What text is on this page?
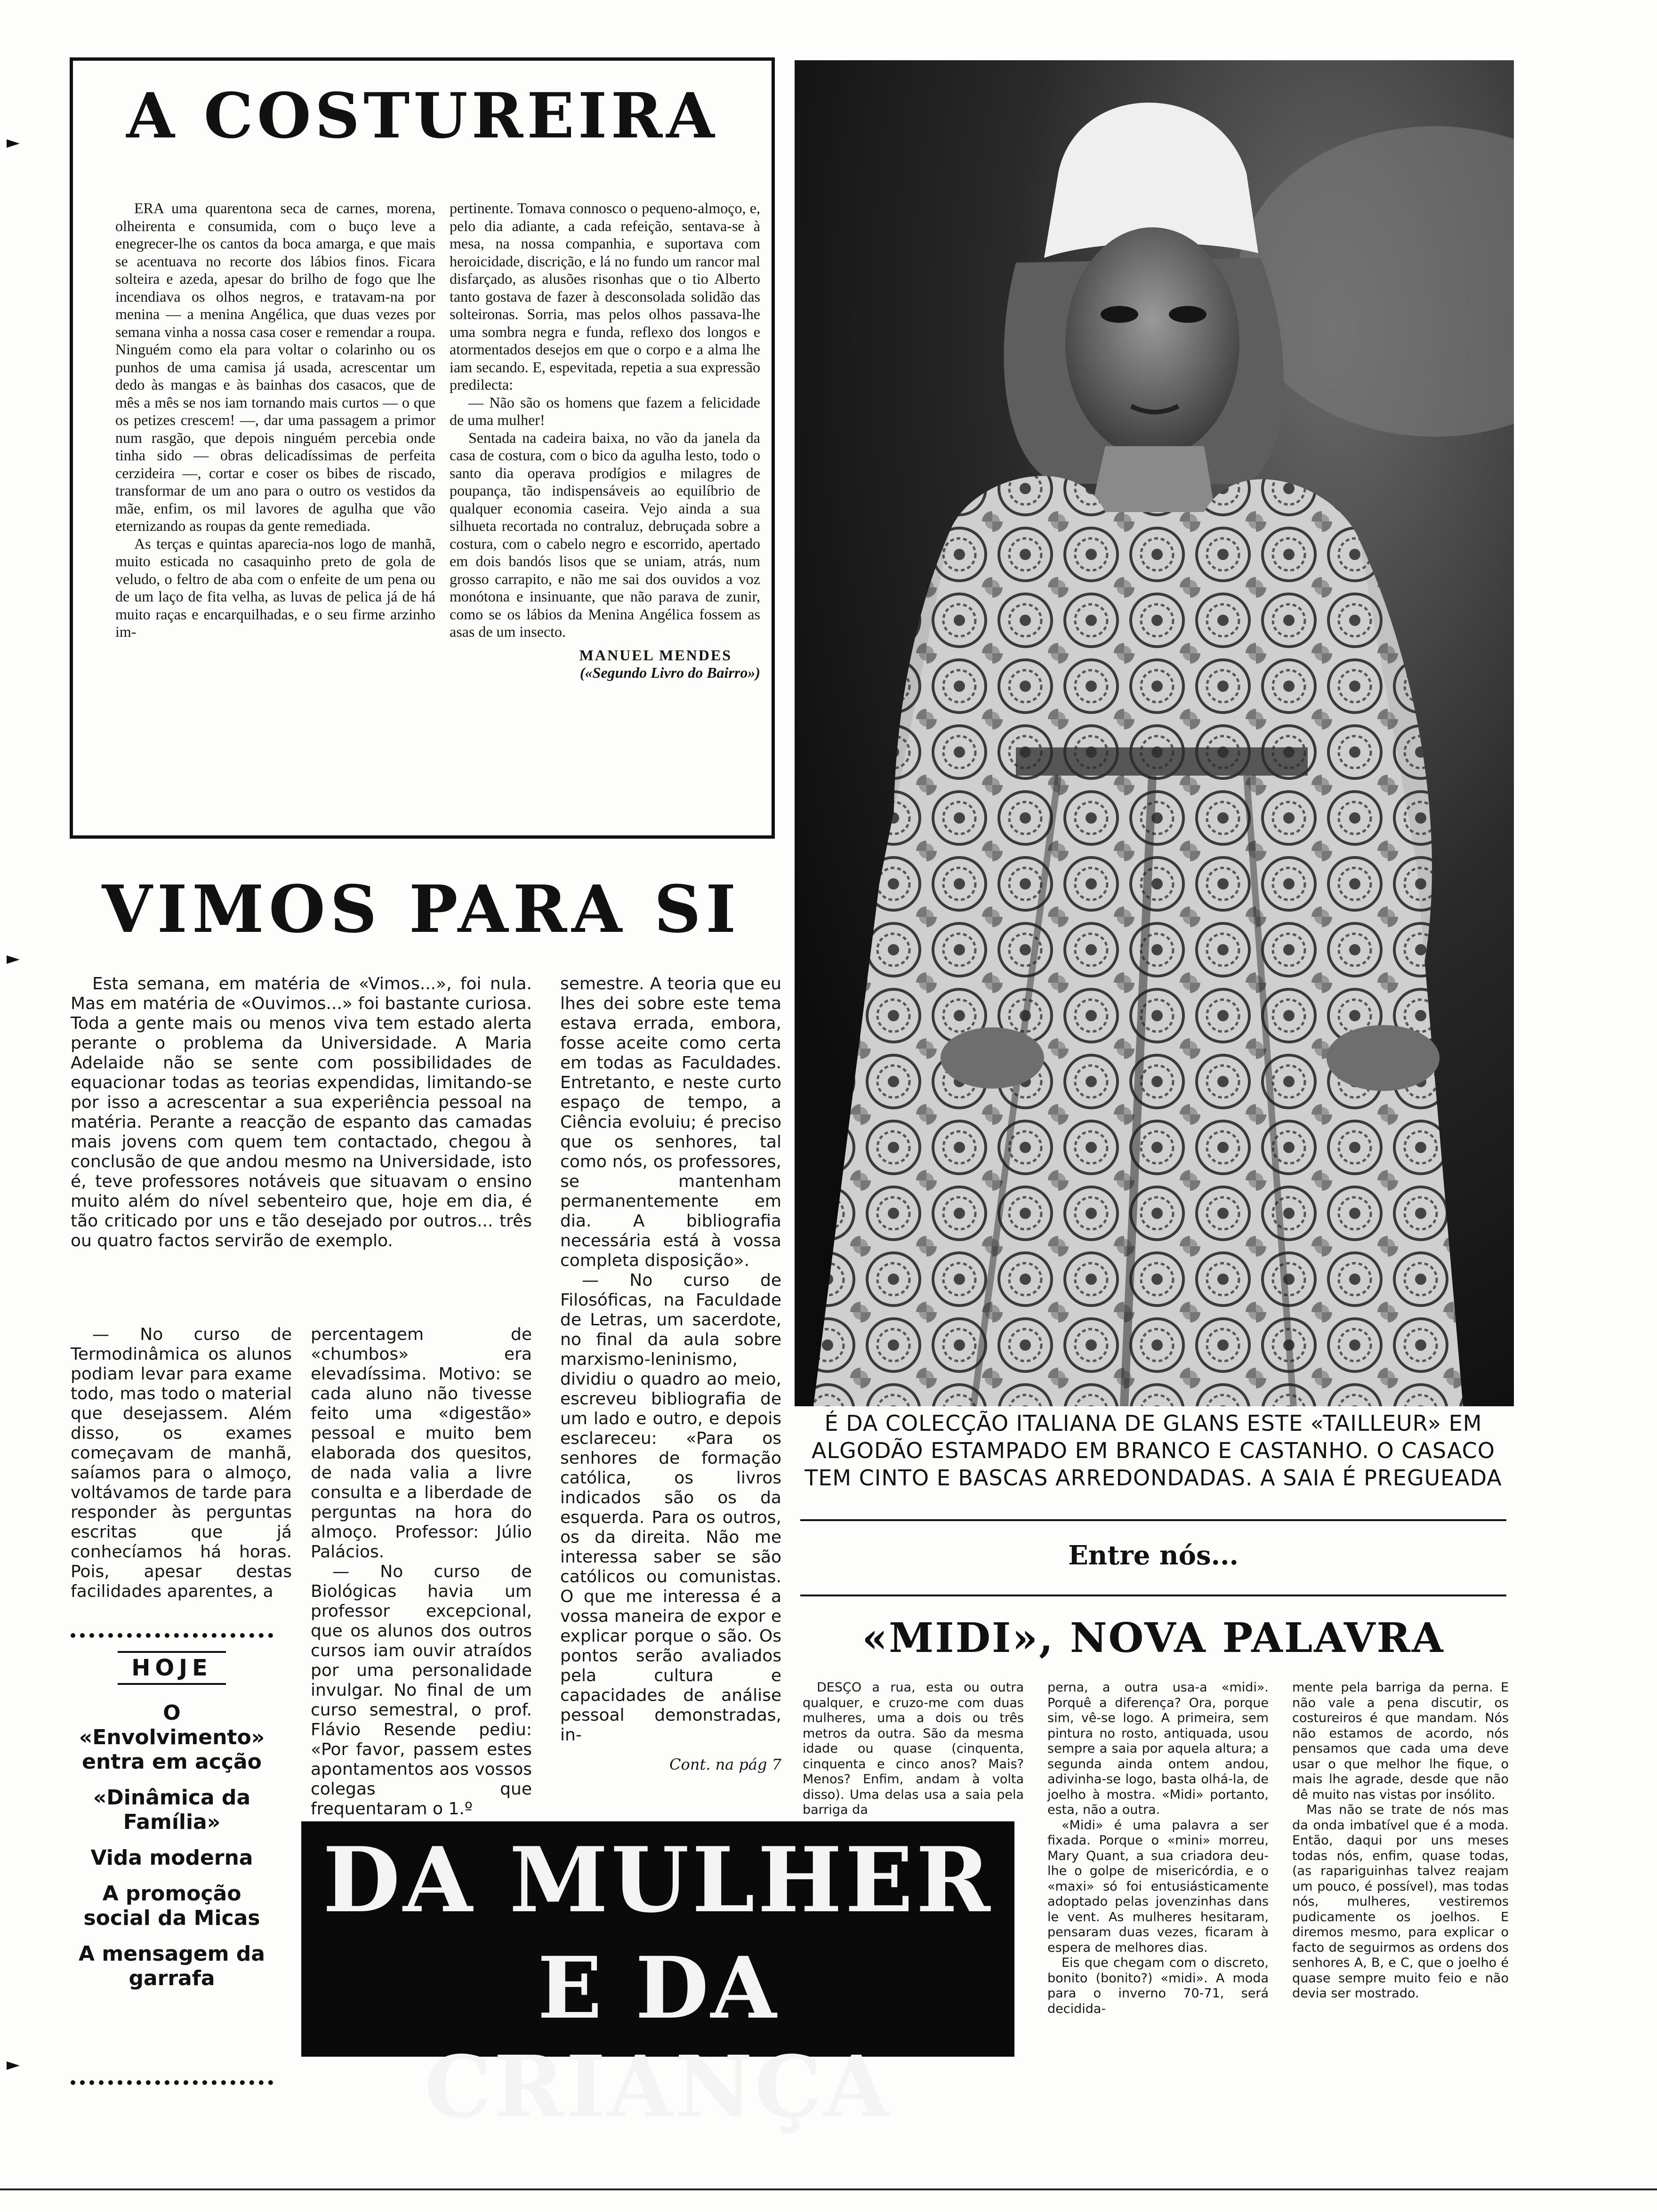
A COSTUREIRA

ERA uma quarentona seca de carnes, morena, olheirenta e consumida, com o buço leve a enegrecer-lhe os cantos da boca amarga, e que mais se acentuava no recorte dos lábios finos. Ficara solteira e azeda, apesar do brilho de fogo que lhe incendiava os olhos negros, e tratavam-na por menina — a menina Angélica, que duas vezes por semana vinha a nossa casa coser e remendar a roupa. Ninguém como ela para voltar o colarinho ou os punhos de uma camisa já usada, acrescentar um dedo às mangas e às bainhas dos casacos, que de mês a mês se nos iam tornando mais curtos — o que os petizes crescem! —, dar uma passagem a primor num rasgão, que depois ninguém percebia onde tinha sido — obras delicadíssimas de perfeita cerzideira —, cortar e coser os bibes de riscado, transformar de um ano para o outro os vestidos da mãe, enfim, os mil lavores de agulha que vão eternizando as roupas da gente remediada.

As terças e quintas aparecia-nos logo de manhã, muito esticada no casaquinho preto de gola de veludo, o feltro de aba com o enfeite de um pena ou de um laço de fita velha, as luvas de pelica já de há muito raças e encarquilhadas, e o seu firme arzinho im-

pertinente. Tomava connosco o pequeno-almoço, e, pelo dia adiante, a cada refeição, sentava-se à mesa, na nossa companhia, e suportava com heroicidade, discrição, e lá no fundo um rancor mal disfarçado, as alusões risonhas que o tio Alberto tanto gostava de fazer à desconsolada solidão das solteironas. Sorria, mas pelos olhos passava-lhe uma sombra negra e funda, reflexo dos longos e atormentados desejos em que o corpo e a alma lhe iam secando. E, espevitada, repetia a sua expressão predilecta:

— Não são os homens que fazem a felicidade de uma mulher!

Sentada na cadeira baixa, no vão da janela da casa de costura, com o bico da agulha lesto, todo o santo dia operava prodígios e milagres de poupança, tão indispensáveis ao equilíbrio de qualquer economia caseira. Vejo ainda a sua silhueta recortada no contraluz, debruçada sobre a costura, com o cabelo negro e escorrido, apertado em dois bandós lisos que se uniam, atrás, num grosso carrapito, e não me sai dos ouvidos a voz monótona e insinuante, que não parava de zunir, como se os lábios da Menina Angélica fossem as asas de um insecto.

MANUEL MENDES
(«Segundo Livro do Bairro»)
É DA COLECÇÃO ITALIANA DE GLANS ESTE «TAILLEUR» EM ALGODÃO ESTAMPADO EM BRANCO E CASTANHO. O CASACO TEM CINTO E BASCAS ARREDONDADAS. A SAIA É PREGUEADA
Entre nós...
«MIDI», NOVA PALAVRA

DESÇO a rua, esta ou outra qualquer, e cruzo-me com duas mulheres, uma a dois ou três metros da outra. São da mesma idade ou quase (cinquenta, cinquenta e cinco anos? Mais? Menos? Enfim, andam à volta disso). Uma delas usa a saia pela barriga da

perna, a outra usa-a «midi». Porquê a diferença? Ora, porque sim, vê-se logo. A primeira, sem pintura no rosto, antiquada, usou sempre a saia por aquela altura; a segunda ainda ontem andou, adivinha-se logo, basta olhá-la, de joelho à mostra. «Midi» portanto, esta, não a outra.

«Midi» é uma palavra a ser fixada. Porque o «mini» morreu, Mary Quant, a sua criadora deu-lhe o golpe de misericórdia, e o «maxi» só foi entusiásticamente adoptado pelas jovenzinhas dans le vent. As mulheres hesitaram, pensaram duas vezes, ficaram à espera de melhores dias.

Eis que chegam com o discreto, bonito (bonito?) «midi». A moda para o inverno 70-71, será decidida-

mente pela barriga da perna. E não vale a pena discutir, os costureiros é que mandam. Nós não estamos de acordo, nós pensamos que cada uma deve usar o que melhor lhe fique, o mais lhe agrade, desde que não dê muito nas vistas por insólito.

Mas não se trate de nós mas da onda imbatível que é a moda. Então, daqui por uns meses todas nós, enfim, quase todas, (as rapariguinhas talvez reajam um pouco, é possível), mas todas nós, mulheres, vestiremos pudicamente os joelhos. E diremos mesmo, para explicar o facto de seguirmos as ordens dos senhores A, B, e C, que o joelho é quase sempre muito feio e não devia ser mostrado.

VIMOS PARA SI

Esta semana, em matéria de «Vimos...», foi nula. Mas em matéria de «Ouvimos...» foi bastante curiosa. Toda a gente mais ou menos viva tem estado alerta perante o problema da Universidade. A Maria Adelaide não se sente com possibilidades de equacionar todas as teorias expendidas, limitando-se por isso a acrescentar a sua experiência pessoal na matéria. Perante a reacção de espanto das camadas mais jovens com quem tem contactado, chegou à conclusão de que andou mesmo na Universidade, isto é, teve professores notáveis que situavam o ensino muito além do nível sebenteiro que, hoje em dia, é tão criticado por uns e tão desejado por outros... três ou quatro factos servirão de exemplo.

semestre. A teoria que eu lhes dei sobre este tema estava errada, embora, fosse aceite como certa em todas as Faculdades. Entretanto, e neste curto espaço de tempo, a Ciência evoluiu; é preciso que os senhores, tal como nós, os professores, se mantenham permanentemente em dia. A bibliografia necessária está à vossa completa disposição».

— No curso de Filosóficas, na Faculdade de Letras, um sacerdote, no final da aula sobre marxismo-leninismo, dividiu o quadro ao meio, escreveu bibliografia de um lado e outro, e depois esclareceu: «Para os senhores de formação católica, os livros indicados são os da esquerda. Para os outros, os da direita. Não me interessa saber se são católicos ou comunistas. O que me interessa é a vossa maneira de expor e explicar porque o são. Os pontos serão avaliados pela cultura e capacidades de análise pessoal demonstradas, in-

Cont. na pág 7

— No curso de Termodinâmica os alunos podiam levar para exame todo, mas todo o material que desejassem. Além disso, os exames começavam de manhã, saíamos para o almoço, voltávamos de tarde para responder às perguntas escritas que já conhecíamos há horas. Pois, apesar destas facilidades aparentes, a

percentagem de «chumbos» era elevadíssima. Motivo: se cada aluno não tivesse feito uma «digestão» pessoal e muito bem elaborada dos quesitos, de nada valia a livre consulta e a liberdade de perguntas na hora do almoço. Professor: Júlio Palácios.

— No curso de Biológicas havia um professor excepcional, que os alunos dos outros cursos iam ouvir atraídos por uma personalidade invulgar. No final de um curso semestral, o prof. Flávio Resende pediu: «Por favor, passem estes apontamentos aos vossos colegas que frequentaram o 1.º

HOJE
O «Envolvimento» entra em acção
«Dinâmica da Família»
Vida moderna
A promoção social da Micas
A mensagem da garrafa
DA MULHER
E DA CRIANÇA
